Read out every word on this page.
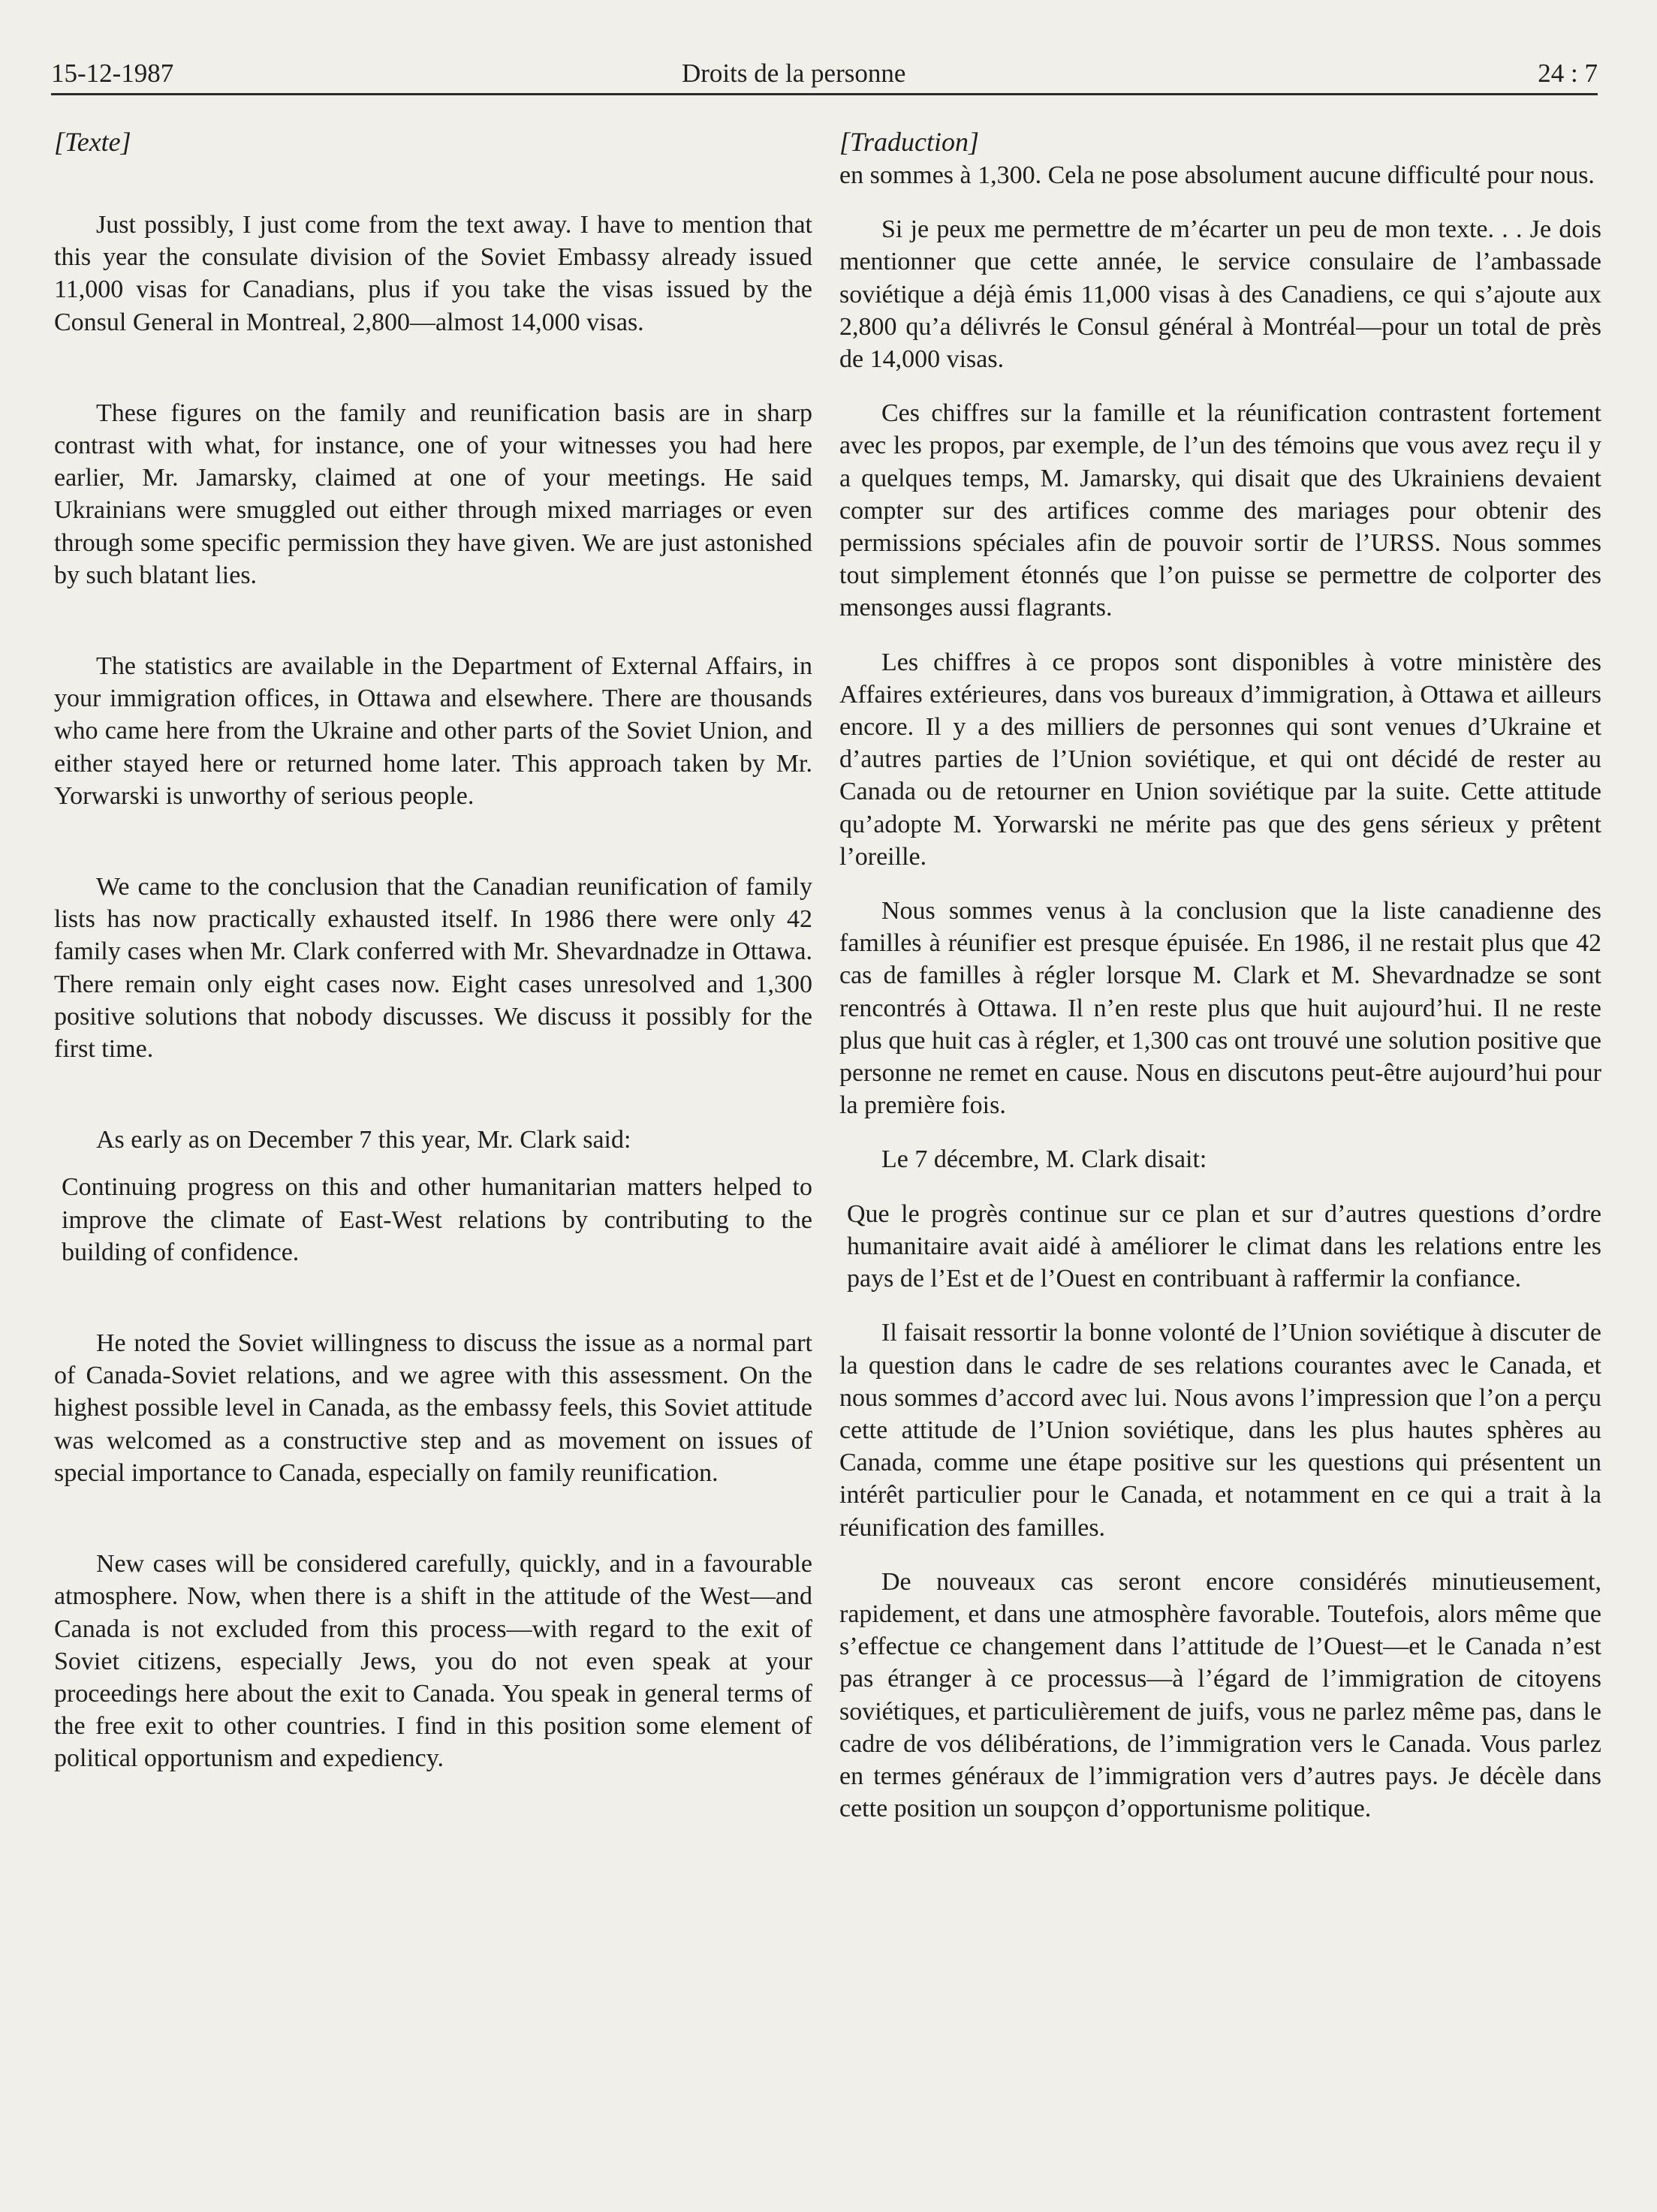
15-12-1987	Droits de la personne	24 : 7
[Texte]

Just possibly, I just come from the text away. I have to mention that this year the consulate division of the Soviet Embassy already issued 11,000 visas for Canadians, plus if you take the visas issued by the Consul General in Montreal, 2,800—almost 14,000 visas.

These figures on the family and reunification basis are in sharp contrast with what, for instance, one of your witnesses you had here earlier, Mr. Jamarsky, claimed at one of your meetings. He said Ukrainians were smuggled out either through mixed marriages or even through some specific permission they have given. We are just astonished by such blatant lies.

The statistics are available in the Department of External Affairs, in your immigration offices, in Ottawa and elsewhere. There are thousands who came here from the Ukraine and other parts of the Soviet Union, and either stayed here or returned home later. This approach taken by Mr. Yorwarski is unworthy of serious people.

We came to the conclusion that the Canadian reunification of family lists has now practically exhausted itself. In 1986 there were only 42 family cases when Mr. Clark conferred with Mr. Shevardnadze in Ottawa. There remain only eight cases now. Eight cases unresolved and 1,300 positive solutions that nobody discusses. We discuss it possibly for the first time.

As early as on December 7 this year, Mr. Clark said:

Continuing progress on this and other humanitarian matters helped to improve the climate of East-West relations by contributing to the building of confidence.

He noted the Soviet willingness to discuss the issue as a normal part of Canada-Soviet relations, and we agree with this assessment. On the highest possible level in Canada, as the embassy feels, this Soviet attitude was welcomed as a constructive step and as movement on issues of special importance to Canada, especially on family reunification.

New cases will be considered carefully, quickly, and in a favourable atmosphere. Now, when there is a shift in the attitude of the West—and Canada is not excluded from this process—with regard to the exit of Soviet citizens, especially Jews, you do not even speak at your proceedings here about the exit to Canada. You speak in general terms of the free exit to other countries. I find in this position some element of political opportunism and expediency.

[Traduction]

en sommes à 1,300. Cela ne pose absolument aucune difficulté pour nous.

Si je peux me permettre de m’écarter un peu de mon texte. . . Je dois mentionner que cette année, le service consulaire de l’ambassade soviétique a déjà émis 11,000 visas à des Canadiens, ce qui s’ajoute aux 2,800 qu’a délivrés le Consul général à Montréal—pour un total de près de 14,000 visas.

Ces chiffres sur la famille et la réunification contrastent fortement avec les propos, par exemple, de l’un des témoins que vous avez reçu il y a quelques temps, M. Jamarsky, qui disait que des Ukrainiens devaient compter sur des artifices comme des mariages pour obtenir des permissions spéciales afin de pouvoir sortir de l’URSS. Nous sommes tout simplement étonnés que l’on puisse se permettre de colporter des mensonges aussi flagrants.

Les chiffres à ce propos sont disponibles à votre ministère des Affaires extérieures, dans vos bureaux d’immigration, à Ottawa et ailleurs encore. Il y a des milliers de personnes qui sont venues d’Ukraine et d’autres parties de l’Union soviétique, et qui ont décidé de rester au Canada ou de retourner en Union soviétique par la suite. Cette attitude qu’adopte M. Yorwarski ne mérite pas que des gens sérieux y prêtent l’oreille.

Nous sommes venus à la conclusion que la liste canadienne des familles à réunifier est presque épuisée. En 1986, il ne restait plus que 42 cas de familles à régler lorsque M. Clark et M. Shevardnadze se sont rencontrés à Ottawa. Il n’en reste plus que huit aujourd’hui. Il ne reste plus que huit cas à régler, et 1,300 cas ont trouvé une solution positive que personne ne remet en cause. Nous en discutons peut-être aujourd’hui pour la première fois.

Le 7 décembre, M. Clark disait:

Que le progrès continue sur ce plan et sur d’autres questions d’ordre humanitaire avait aidé à améliorer le climat dans les relations entre les pays de l’Est et de l’Ouest en contribuant à raffermir la confiance.

Il faisait ressortir la bonne volonté de l’Union soviétique à discuter de la question dans le cadre de ses relations courantes avec le Canada, et nous sommes d’accord avec lui. Nous avons l’impression que l’on a perçu cette attitude de l’Union soviétique, dans les plus hautes sphères au Canada, comme une étape positive sur les questions qui présentent un intérêt particulier pour le Canada, et notamment en ce qui a trait à la réunification des familles.

De nouveaux cas seront encore considérés minutieusement, rapidement, et dans une atmosphère favorable. Toutefois, alors même que s’effectue ce changement dans l’attitude de l’Ouest—et le Canada n’est pas étranger à ce processus—à l’égard de l’immigration de citoyens soviétiques, et particulièrement de juifs, vous ne parlez même pas, dans le cadre de vos délibérations, de l’immigration vers le Canada. Vous parlez en termes généraux de l’immigration vers d’autres pays. Je décèle dans cette position un soupçon d’opportunisme politique.
